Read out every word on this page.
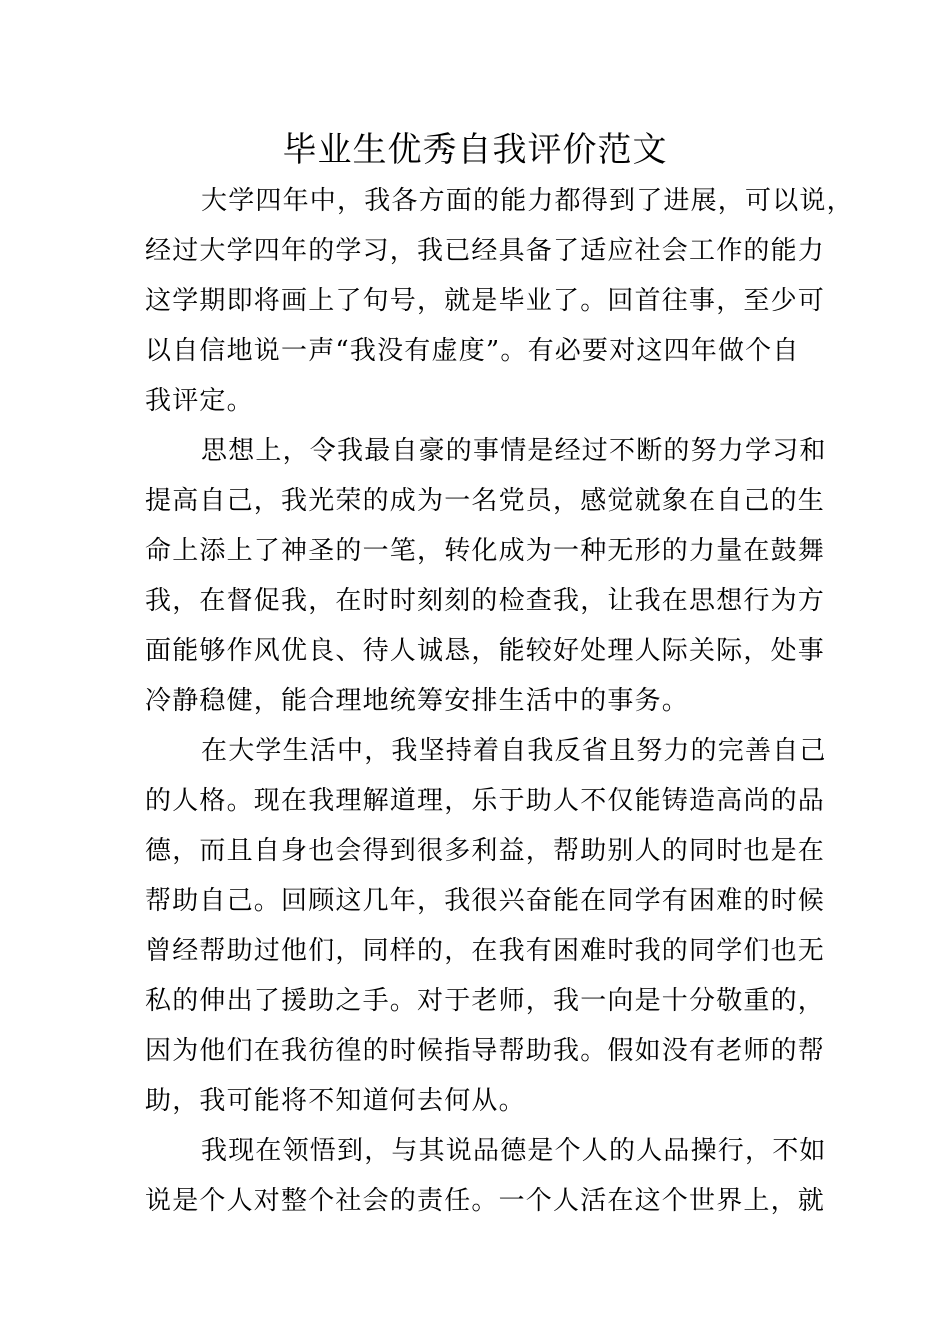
毕业生优秀自我评价范文
大学四年中，我各方面的能力都得到了进展，可以说，
经过大学四年的学习，我已经具备了适应社会工作的能力
这学期即将画上了句号，就是毕业了。回首往事，至少可
以自信地说一声“我没有虚度”。有必要对这四年做个自
我评定。
思想上，令我最自豪的事情是经过不断的努力学习和
提高自己，我光荣的成为一名党员，感觉就象在自己的生
命上添上了神圣的一笔，转化成为一种无形的力量在鼓舞
我，在督促我，在时时刻刻的检查我，让我在思想行为方
面能够作风优良、待人诚恳，能较好处理人际关际，处事
冷静稳健，能合理地统筹安排生活中的事务。
在大学生活中，我坚持着自我反省且努力的完善自己
的人格。现在我理解道理，乐于助人不仅能铸造高尚的品
德，而且自身也会得到很多利益，帮助别人的同时也是在
帮助自己。回顾这几年，我很兴奋能在同学有困难的时候
曾经帮助过他们，同样的，在我有困难时我的同学们也无
私的伸出了援助之手。对于老师，我一向是十分敬重的，
因为他们在我彷徨的时候指导帮助我。假如没有老师的帮
助，我可能将不知道何去何从。
我现在领悟到，与其说品德是个人的人品操行，不如
说是个人对整个社会的责任。一个人活在这个世界上，就
